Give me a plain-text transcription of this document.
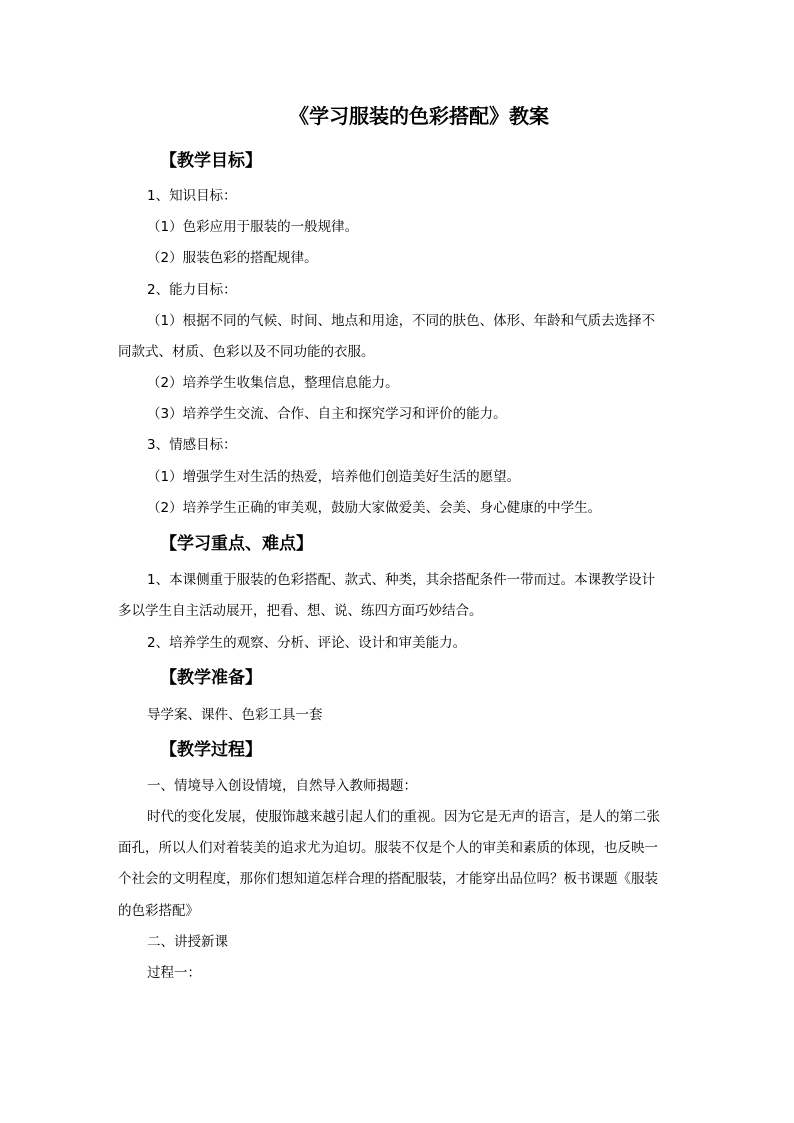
《学习服装的色彩搭配》教案
【教学目标】
1、知识目标：
（1）色彩应用于服装的一般规律。
（2）服装色彩的搭配规律。
2、能力目标：
（1）根据不同的气候、时间、地点和用途，不同的肤色、体形、年龄和气质去选择不
同款式、材质、色彩以及不同功能的衣服。
（2）培养学生收集信息，整理信息能力。
（3）培养学生交流、合作、自主和探究学习和评价的能力。
3、情感目标：
（1）增强学生对生活的热爱，培养他们创造美好生活的愿望。
（2）培养学生正确的审美观，鼓励大家做爱美、会美、身心健康的中学生。
【学习重点、难点】
1、本课侧重于服装的色彩搭配、款式、种类，其余搭配条件一带而过。本课教学设计
多以学生自主活动展开，把看、想、说、练四方面巧妙结合。
2、培养学生的观察、分析、评论、设计和审美能力。
【教学准备】
导学案、课件、色彩工具一套
【教学过程】
一、情境导入创设情境，自然导入教师揭题：
时代的变化发展，使服饰越来越引起人们的重视。因为它是无声的语言，是人的第二张
面孔，所以人们对着装美的追求尤为迫切。服装不仅是个人的审美和素质的体现，也反映一
个社会的文明程度，那你们想知道怎样合理的搭配服装，才能穿出品位吗？板书课题《服装
的色彩搭配》
二、讲授新课
过程一：
